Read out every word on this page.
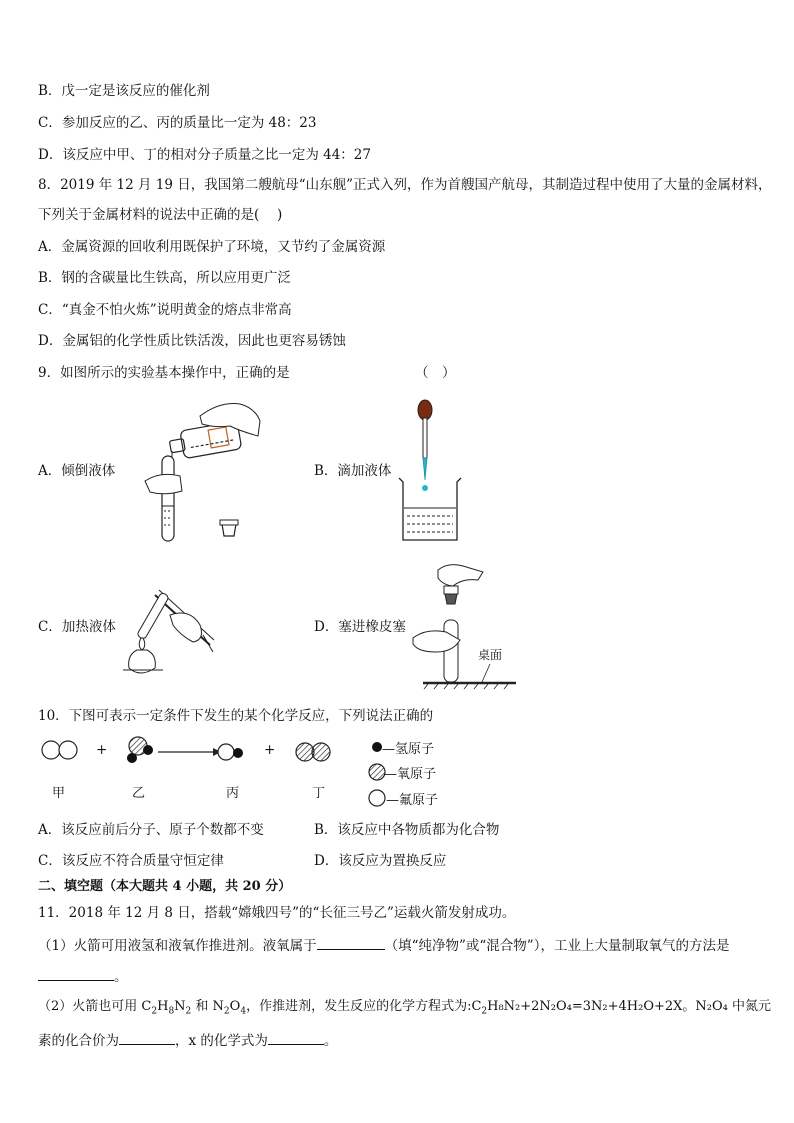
B．戊一定是该反应的催化剂
C．参加反应的乙、丙的质量比一定为 48：23
D．该反应中甲、丁的相对分子质量之比一定为 44：27
8．2019 年 12 月 19 日，我国第二艘航母“山东舰”正式入列，作为首艘国产航母，其制造过程中使用了大量的金属材料，
下列关于金属材料的说法中正确的是(　 )
A．金属资源的回收利用既保护了环境，又节约了金属资源
B．钢的含碳量比生铁高，所以应用更广泛
C．“真金不怕火炼”说明黄金的熔点非常高
D．金属铝的化学性质比铁活泼，因此也更容易锈蚀
9．如图所示的实验基本操作中，正确的是	（　）
A．倾倒液体	B．滴加液体
C．加热液体	D．塞进橡皮塞
桌面
10．下图可表示一定条件下发生的某个化学反应，下列说法正确的
+	+
甲	乙	丙	丁
—氢原子
—氧原子
—氟原子
A．该反应前后分子、原子个数都不变	B．该反应中各物质都为化合物
C．该反应不符合质量守恒定律	D．该反应为置换反应
二、填空题（本大题共 4 小题，共 20 分）
11．2018 年 12 月 8 日，搭载“嫦娥四号”的“长征三号乙”运载火箭发射成功。
（1）火箭可用液氢和液氧作推进剂。液氧属于	（填“纯净物”或“混合物”），工业上大量制取氧气的方法是
。
（2）火箭也可用 $C_2H_8N_2$ 和 $N_2O_4$，作推进剂，发生反应的化学方程式为$:C_2H_8N_2+2N_2O_4=3N_2+4H_2O+2X$。N₂O₄ 中氮元
素的化合价为	，x 的化学式为	。
